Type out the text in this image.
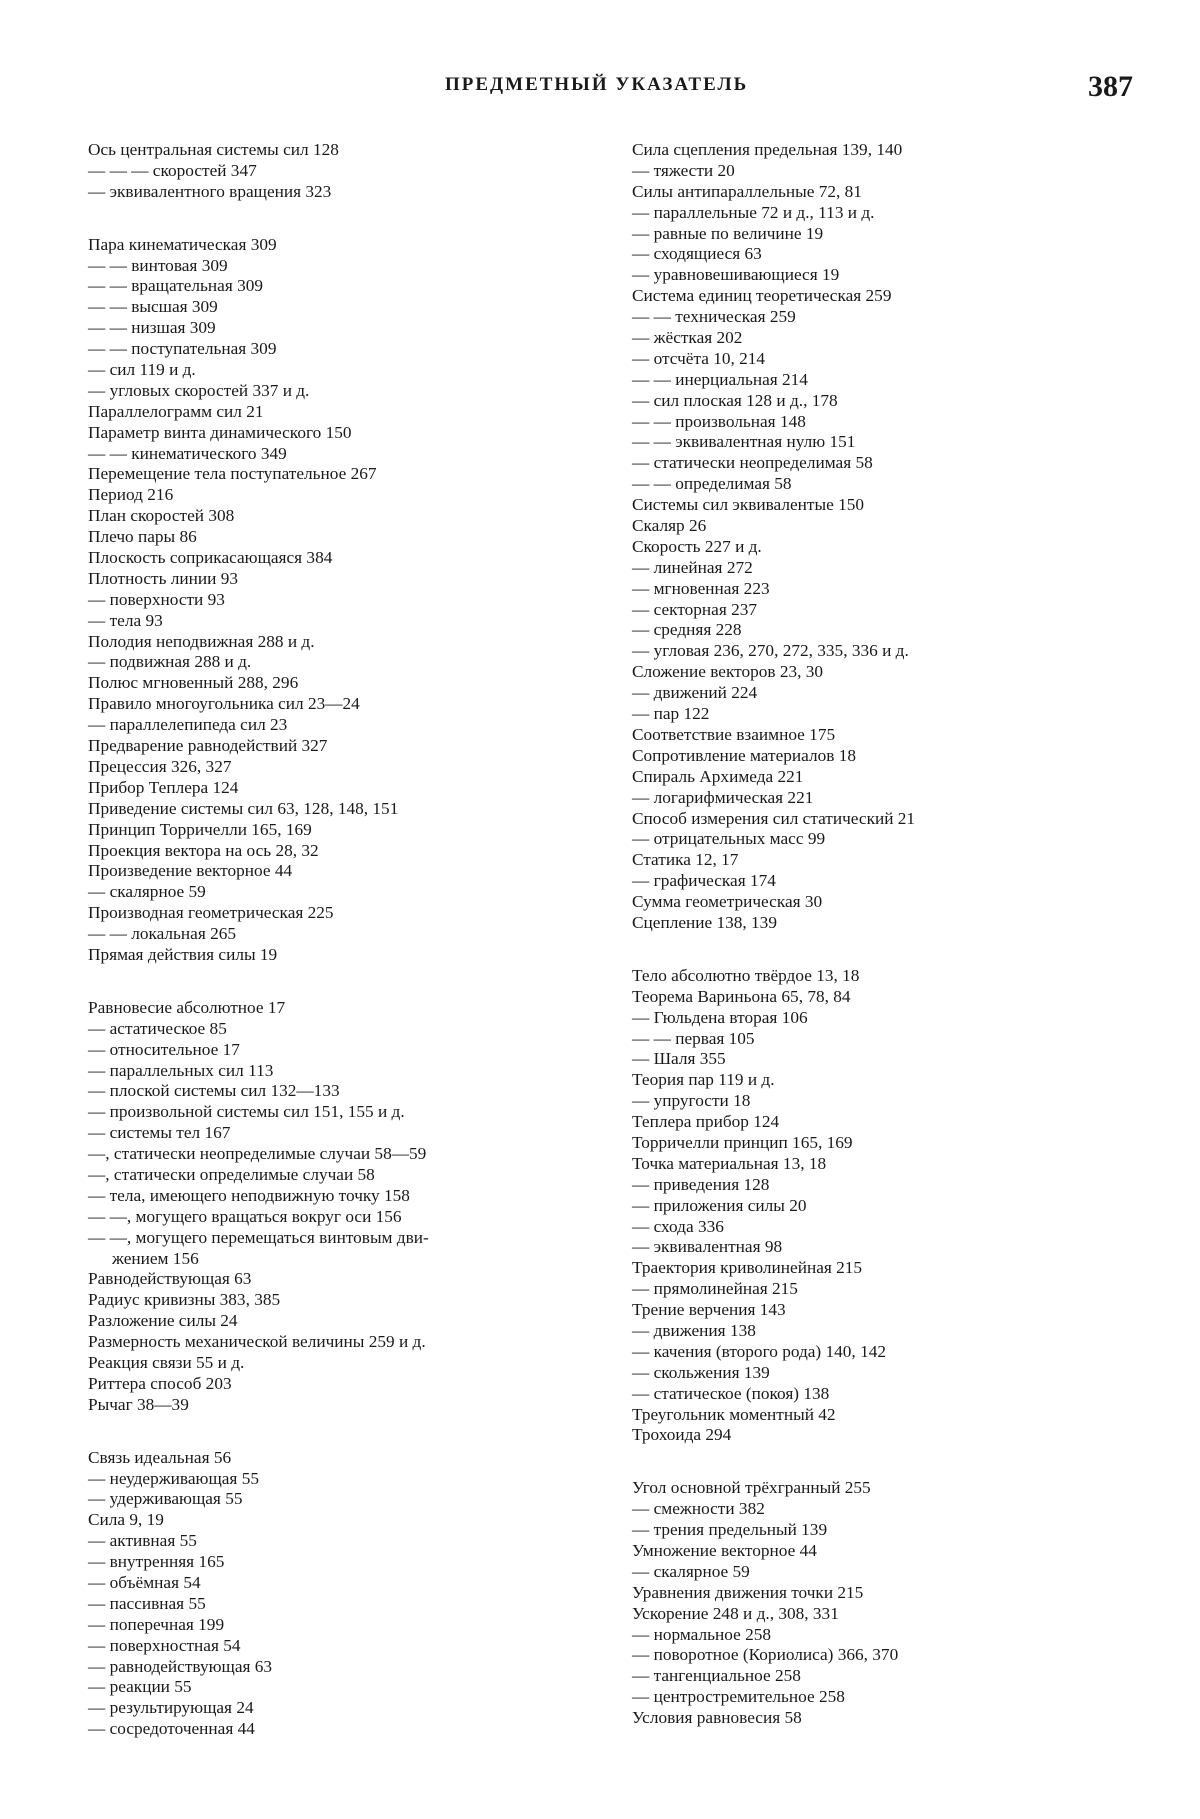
ПРЕДМЕТНЫЙ УКАЗАТЕЛЬ	387
Ось центральная системы сил 128
— — — скоростей 347
— эквивалентного вращения 323
Пара кинематическая 309
— — винтовая 309
— — вращательная 309
— — высшая 309
— — низшая 309
— — поступательная 309
— сил 119 и д.
— угловых скоростей 337 и д.
Параллелограмм сил 21
Параметр винта динамического 150
— — кинематического 349
Перемещение тела поступательное 267
Период 216
План скоростей 308
Плечо пары 86
Плоскость соприкасающаяся 384
Плотность линии 93
— поверхности 93
— тела 93
Полодия неподвижная 288 и д.
— подвижная 288 и д.
Полюс мгновенный 288, 296
Правило многоугольника сил 23—24
— параллелепипеда сил 23
Предварение равнодействий 327
Прецессия 326, 327
Прибор Теплера 124
Приведение системы сил 63, 128, 148, 151
Принцип Торричелли 165, 169
Проекция вектора на ось 28, 32
Произведение векторное 44
— скалярное 59
Производная геометрическая 225
— — локальная 265
Прямая действия силы 19
Равновесие абсолютное 17
— астатическое 85
— относительное 17
— параллельных сил 113
— плоской системы сил 132—133
— произвольной системы сил 151, 155 и д.
— системы тел 167
—, статически неопределимые случаи 58—59
—, статически определимые случаи 58
— тела, имеющего неподвижную точку 158
— —, могущего вращаться вокруг оси 156
— —, могущего перемещаться винтовым дви-
жением 156
Равнодействующая 63
Радиус кривизны 383, 385
Разложение силы 24
Размерность механической величины 259 и д.
Реакция связи 55 и д.
Риттера способ 203
Рычаг 38—39
Связь идеальная 56
— неудерживающая 55
— удерживающая 55
Сила 9, 19
— активная 55
— внутренняя 165
— объёмная 54
— пассивная 55
— поперечная 199
— поверхностная 54
— равнодействующая 63
— реакции 55
— результирующая 24
— сосредоточенная 44
Сила сцепления предельная 139, 140
— тяжести 20
Силы антипараллельные 72, 81
— параллельные 72 и д., 113 и д.
— равные по величине 19
— сходящиеся 63
— уравновешивающиеся 19
Система единиц теоретическая 259
— — техническая 259
— жёсткая 202
— отсчёта 10, 214
— — инерциальная 214
— сил плоская 128 и д., 178
— — произвольная 148
— — эквивалентная нулю 151
— статически неопределимая 58
— — определимая 58
Системы сил эквивалентые 150
Скаляр 26
Скорость 227 и д.
— линейная 272
— мгновенная 223
— секторная 237
— средняя 228
— угловая 236, 270, 272, 335, 336 и д.
Сложение векторов 23, 30
— движений 224
— пар 122
Соответствие взаимное 175
Сопротивление материалов 18
Спираль Архимеда 221
— логарифмическая 221
Способ измерения сил статический 21
— отрицательных масс 99
Статика 12, 17
— графическая 174
Сумма геометрическая 30
Сцепление 138, 139
Тело абсолютно твёрдое 13, 18
Теорема Вариньона 65, 78, 84
— Гюльдена вторая 106
— — первая 105
— Шаля 355
Теория пар 119 и д.
— упругости 18
Теплера прибор 124
Торричелли принцип 165, 169
Точка материальная 13, 18
— приведения 128
— приложения силы 20
— схода 336
— эквивалентная 98
Траектория криволинейная 215
— прямолинейная 215
Трение верчения 143
— движения 138
— качения (второго рода) 140, 142
— скольжения 139
— статическое (покоя) 138
Треугольник моментный 42
Трохоида 294
Угол основной трёхгранный 255
— смежности 382
— трения предельный 139
Умножение векторное 44
— скалярное 59
Уравнения движения точки 215
Ускорение 248 и д., 308, 331
— нормальное 258
— поворотное (Кориолиса) 366, 370
— тангенциальное 258
— центростремительное 258
Условия равновесия 58
